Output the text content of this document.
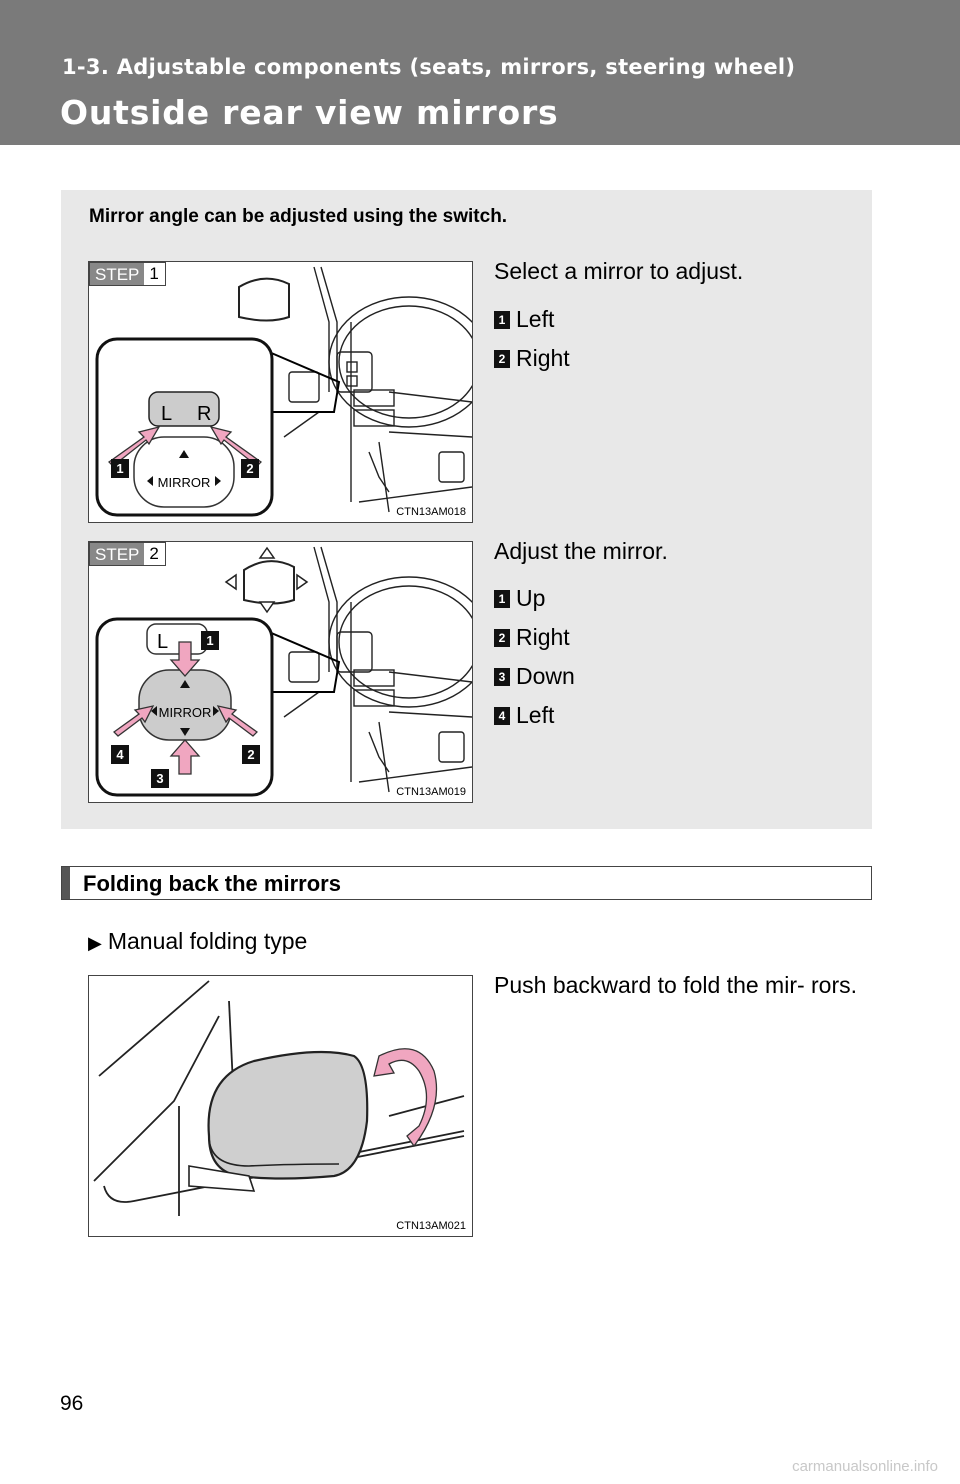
1-3. Adjustable components (seats, mirrors, steering wheel)
Outside rear view mirrors
Mirror angle can be adjusted using the switch.
L R
MIRROR
1	2
STEP 1
CTN13AM018
Select a mirror to adjust.
1 Left
2 Right
L
MIRROR
1
2
3
4
STEP 2
CTN13AM019
Adjust the mirror.
1 Up
2 Right
3 Down
4 Left
Folding back the mirrors
▶ Manual folding type
CTN13AM021
Push backward to fold the mir- rors.
96
carmanualsonline.info
